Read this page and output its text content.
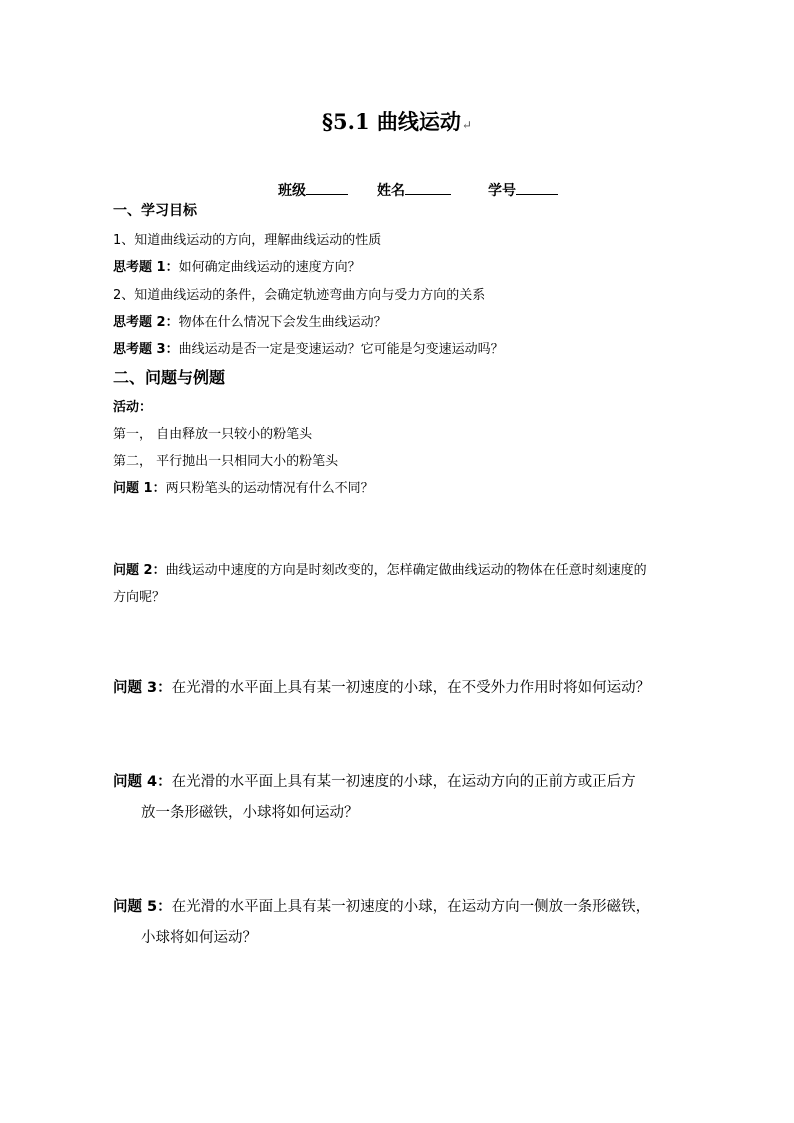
§5.1 曲线运动↵
班级	姓名	学号
一、学习目标
1、知道曲线运动的方向，理解曲线运动的性质
思考题 1：如何确定曲线运动的速度方向？
2、知道曲线运动的条件，会确定轨迹弯曲方向与受力方向的关系
思考题 2：物体在什么情况下会发生曲线运动？
思考题 3：曲线运动是否一定是变速运动？它可能是匀变速运动吗？
二、问题与例题
活动：
第一， 自由释放一只较小的粉笔头
第二， 平行抛出一只相同大小的粉笔头
问题 1：两只粉笔头的运动情况有什么不同？
问题 2：曲线运动中速度的方向是时刻改变的，怎样确定做曲线运动的物体在任意时刻速度的
方向呢？
问题 3：在光滑的水平面上具有某一初速度的小球，在不受外力作用时将如何运动？
问题 4：在光滑的水平面上具有某一初速度的小球，在运动方向的正前方或正后方
放一条形磁铁，小球将如何运动？
问题 5：在光滑的水平面上具有某一初速度的小球，在运动方向一侧放一条形磁铁，
小球将如何运动？
